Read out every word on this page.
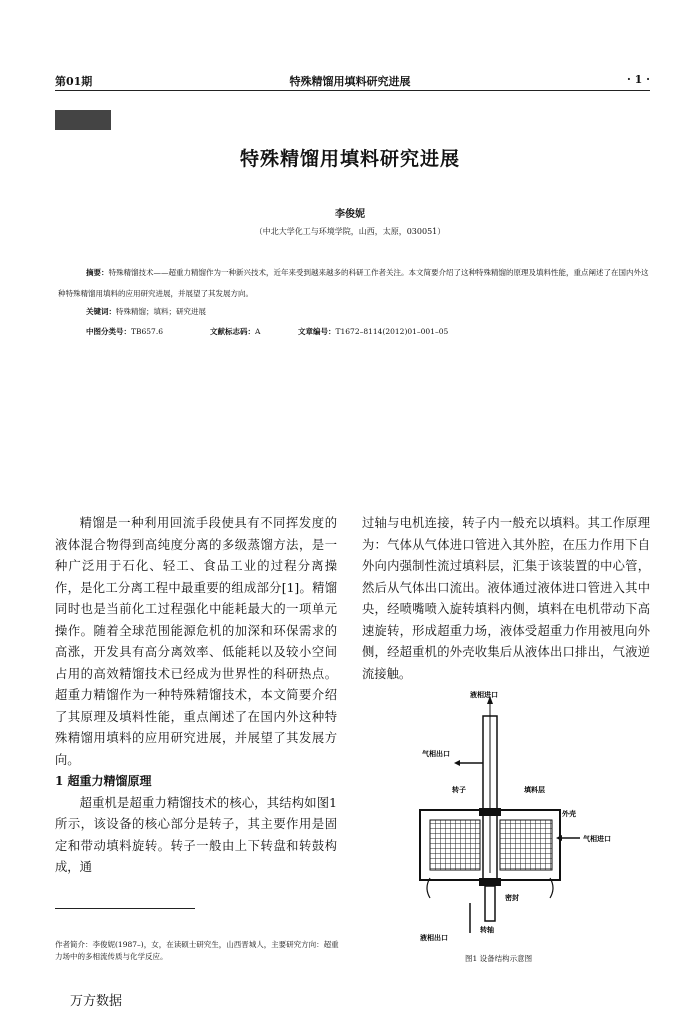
第01期	特殊精馏用填料研究进展	· 1 ·
特殊精馏用填料研究进展
李俊妮
（中北大学化工与环境学院，山西，太原，030051）
摘要：特殊精馏技术——超重力精馏作为一种新兴技术，近年来受到越来越多的科研工作者关注。本文简要介绍了这种特殊精馏的原理及填料性能，重点阐述了在国内外这种特殊精馏用填料的应用研究进展，并展望了其发展方向。
关键词：特殊精馏；填料；研究进展
中图分类号：TB657.6	文献标志码：A	文章编号：T1672–8114(2012)01–001–05

精馏是一种利用回流手段使具有不同挥发度的液体混合物得到高纯度分离的多级蒸馏方法，是一种广泛用于石化、轻工、食品工业的过程分离操作，是化工分离工程中最重要的组成部分[1]。精馏同时也是当前化工过程强化中能耗最大的一项单元操作。随着全球范围能源危机的加深和环保需求的高涨，开发具有高分离效率、低能耗以及较小空间占用的高效精馏技术已经成为世界性的科研热点。超重力精馏作为一种特殊精馏技术，本文简要介绍了其原理及填料性能，重点阐述了在国内外这种特殊精馏用填料的应用研究进展，并展望了其发展方向。

1 超重力精馏原理

超重机是超重力精馏技术的核心，其结构如图1所示，该设备的核心部分是转子，其主要作用是固定和带动填料旋转。转子一般由上下转盘和转鼓构成，通

过轴与电机连接，转子内一般充以填料。其工作原理为：气体从气体进口管进入其外腔，在压力作用下自外向内强制性流过填料层，汇集于该装置的中心管，然后从气体出口流出。液体通过液体进口管进入其中央，经喷嘴喷入旋转填料内侧，填料在电机带动下高速旋转，形成超重力场，液体受超重力作用被甩向外侧，经超重机的外壳收集后从液体出口排出，气液逆流接触。

液相进口
气相出口
转子	填料层
外壳
气相进口
密封
转轴
液相出口
图1 设备结构示意图
作者简介：李俊妮(1987–)，女，在读硕士研究生，山西晋城人，主要研究方向：超重力场中的多相流传质与化学反应。
万方数据
